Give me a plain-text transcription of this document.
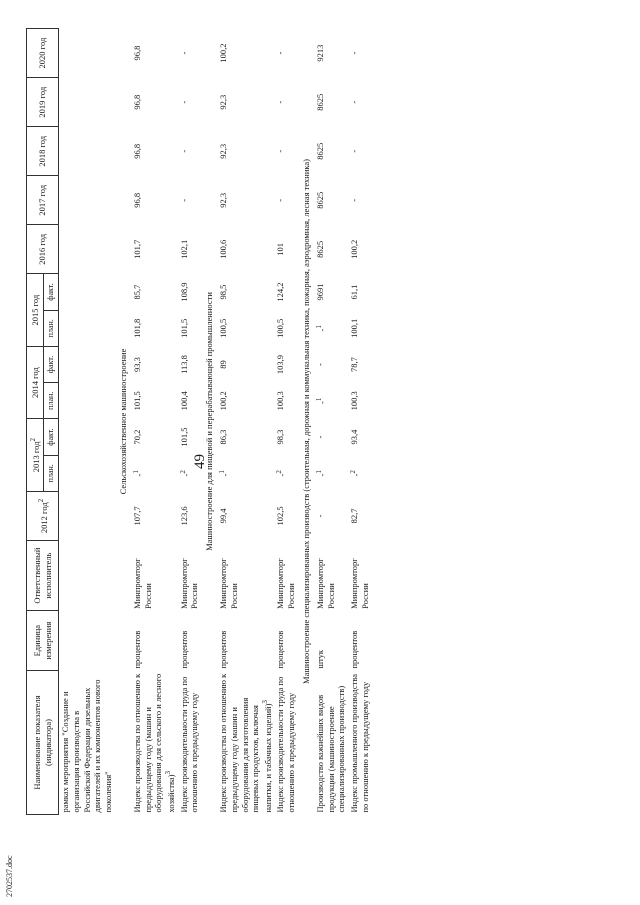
49
2702537.doc
Наименование показателя (индикатора)	Единица измерения	Ответственный исполнитель	2012 год$^2$	2013 год$^2$		2014 год		2015 год		2016 год	2017 год	2018 год	2019 год	2020 год
				план.	факт.	план.	факт.	план.	факт.					
рамках мероприятия "Создание и организация производства в Российской Федерации дизельных двигателей и их компонентов нового поколения"														
Сельскохозяйственное машиностроение														
Индекс производства по отношению к предыдущему году (машин и оборудования для сельского и лесного хозяйства)$^3$	процентов	Минпромторг России	107,7	-$^1$	70,2	101,5	93,3	101,8	85,7	101,7	96,8	96,8	96,8	96,8
Индекс производительности труда по отношению к предыдущему году	процентов	Минпромторг России	123,6	-$^2$	101,5	100,4	113,8	101,5	108,9	102,1	-	-	-	-
Машиностроение для пищевой и перерабатывающей промышленности														
Индекс производства по отношению к предыдущему году (машин и оборудования для изготовления пищевых продуктов, включая напитки, и табачных изделий)$^3$	процентов	Минпромторг России	99,4	-$^1$	86,3	100,2	89	100,5	98,5	100,6	92,3	92,3	92,3	100,2
Индекс производительности труда по отношению к предыдущему году	процентов	Минпромторг России	102,5	-$^2$	98,3	100,3	103,9	100,5	124,2	101	-	-	-	-
Машиностроение специализированных производств (строительная, дорожная и коммунальная техника, пожарная, аэродромная, лесная техника)														
Производство важнейших видов продукции (машиностроение специализированных производств)	штук	Минпромторг России	-	-$^1$	-	-$^1$	-	-$^1$	9691	8625	8625	8625	8625	9213
Индекс промышленного производства по отношению к предыдущему году	процентов	Минпромторг России	82,7	-$^2$	93,4	100,3	78,7	100,1	61,1	100,2	-	-	-	-
